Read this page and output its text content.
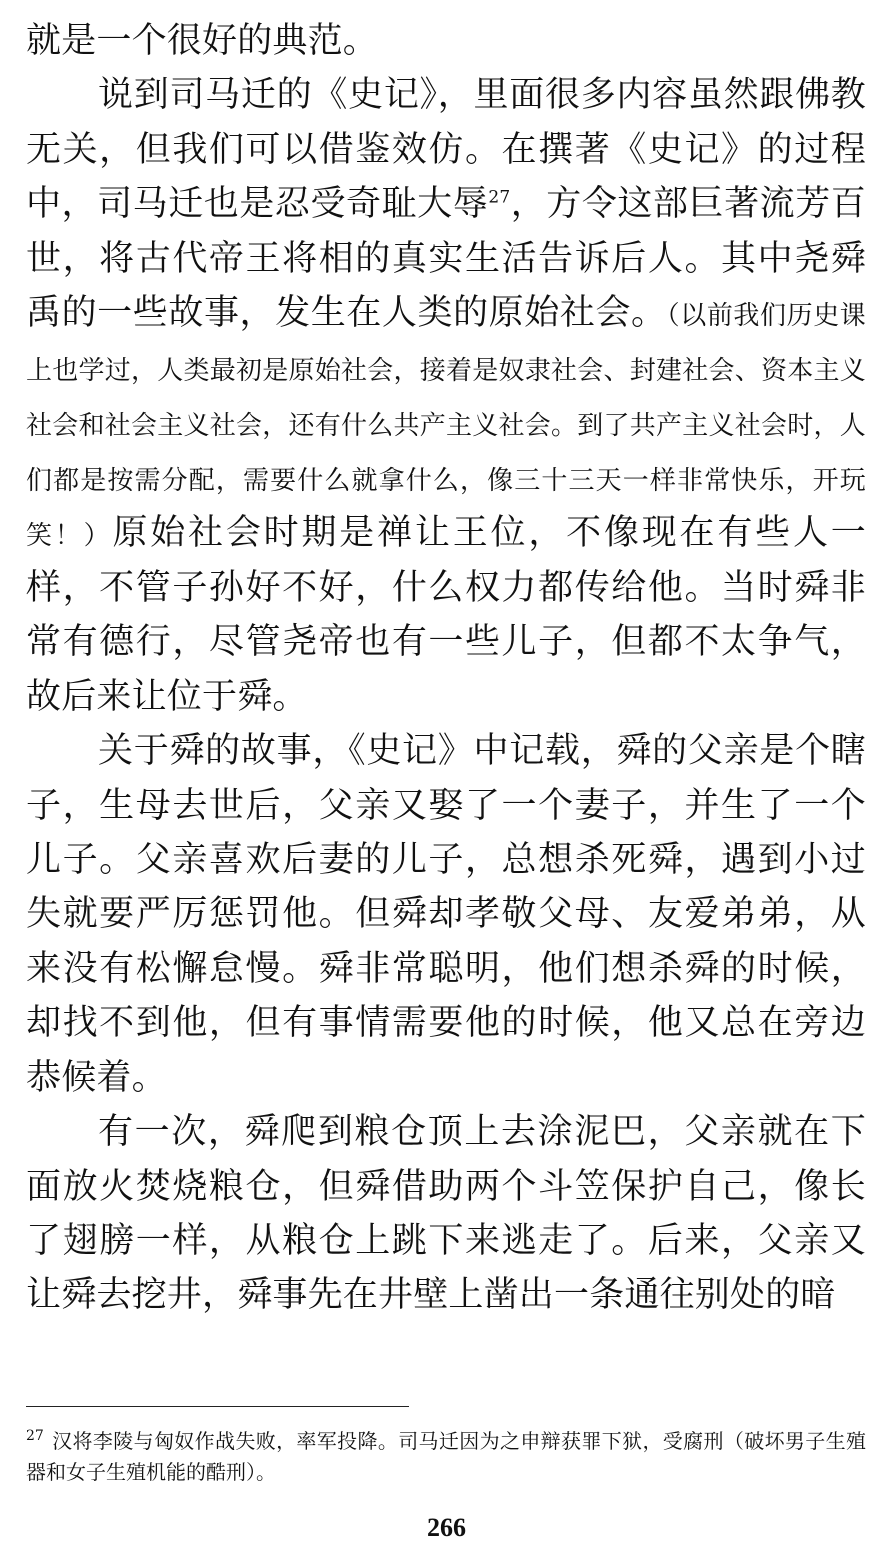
就是一个很好的典范。

说到司马迁的《史记》，里面很多内容虽然跟佛教无关，但我们可以借鉴效仿。在撰著《史记》的过程中，司马迁也是忍受奇耻大辱$^{27}$，方令这部巨著流芳百世，将古代帝王将相的真实生活告诉后人。其中尧舜禹的一些故事，发生在人类的原始社会。（以前我们历史课上也学过，人类最初是原始社会，接着是奴隶社会、封建社会、资本主义社会和社会主义社会，还有什么共产主义社会。到了共产主义社会时，人们都是按需分配，需要什么就拿什么，像三十三天一样非常快乐，开玩笑！）原始社会时期是禅让王位，不像现在有些人一样，不管子孙好不好，什么权力都传给他。当时舜非常有德行，尽管尧帝也有一些儿子，但都不太争气，故后来让位于舜。

关于舜的故事，《史记》中记载，舜的父亲是个瞎子，生母去世后，父亲又娶了一个妻子，并生了一个儿子。父亲喜欢后妻的儿子，总想杀死舜，遇到小过失就要严厉惩罚他。但舜却孝敬父母、友爱弟弟，从来没有松懈怠慢。舜非常聪明，他们想杀舜的时候，却找不到他，但有事情需要他的时候，他又总在旁边恭候着。

有一次，舜爬到粮仓顶上去涂泥巴，父亲就在下面放火焚烧粮仓，但舜借助两个斗笠保护自己，像长了翅膀一样，从粮仓上跳下来逃走了。后来，父亲又让舜去挖井，舜事先在井壁上凿出一条通往别处的暗

$^{27}$ 汉将李陵与匈奴作战失败，率军投降。司马迁因为之申辩获罪下狱，受腐刑（破坏男子生殖器和女子生殖机能的酷刑）。
266
